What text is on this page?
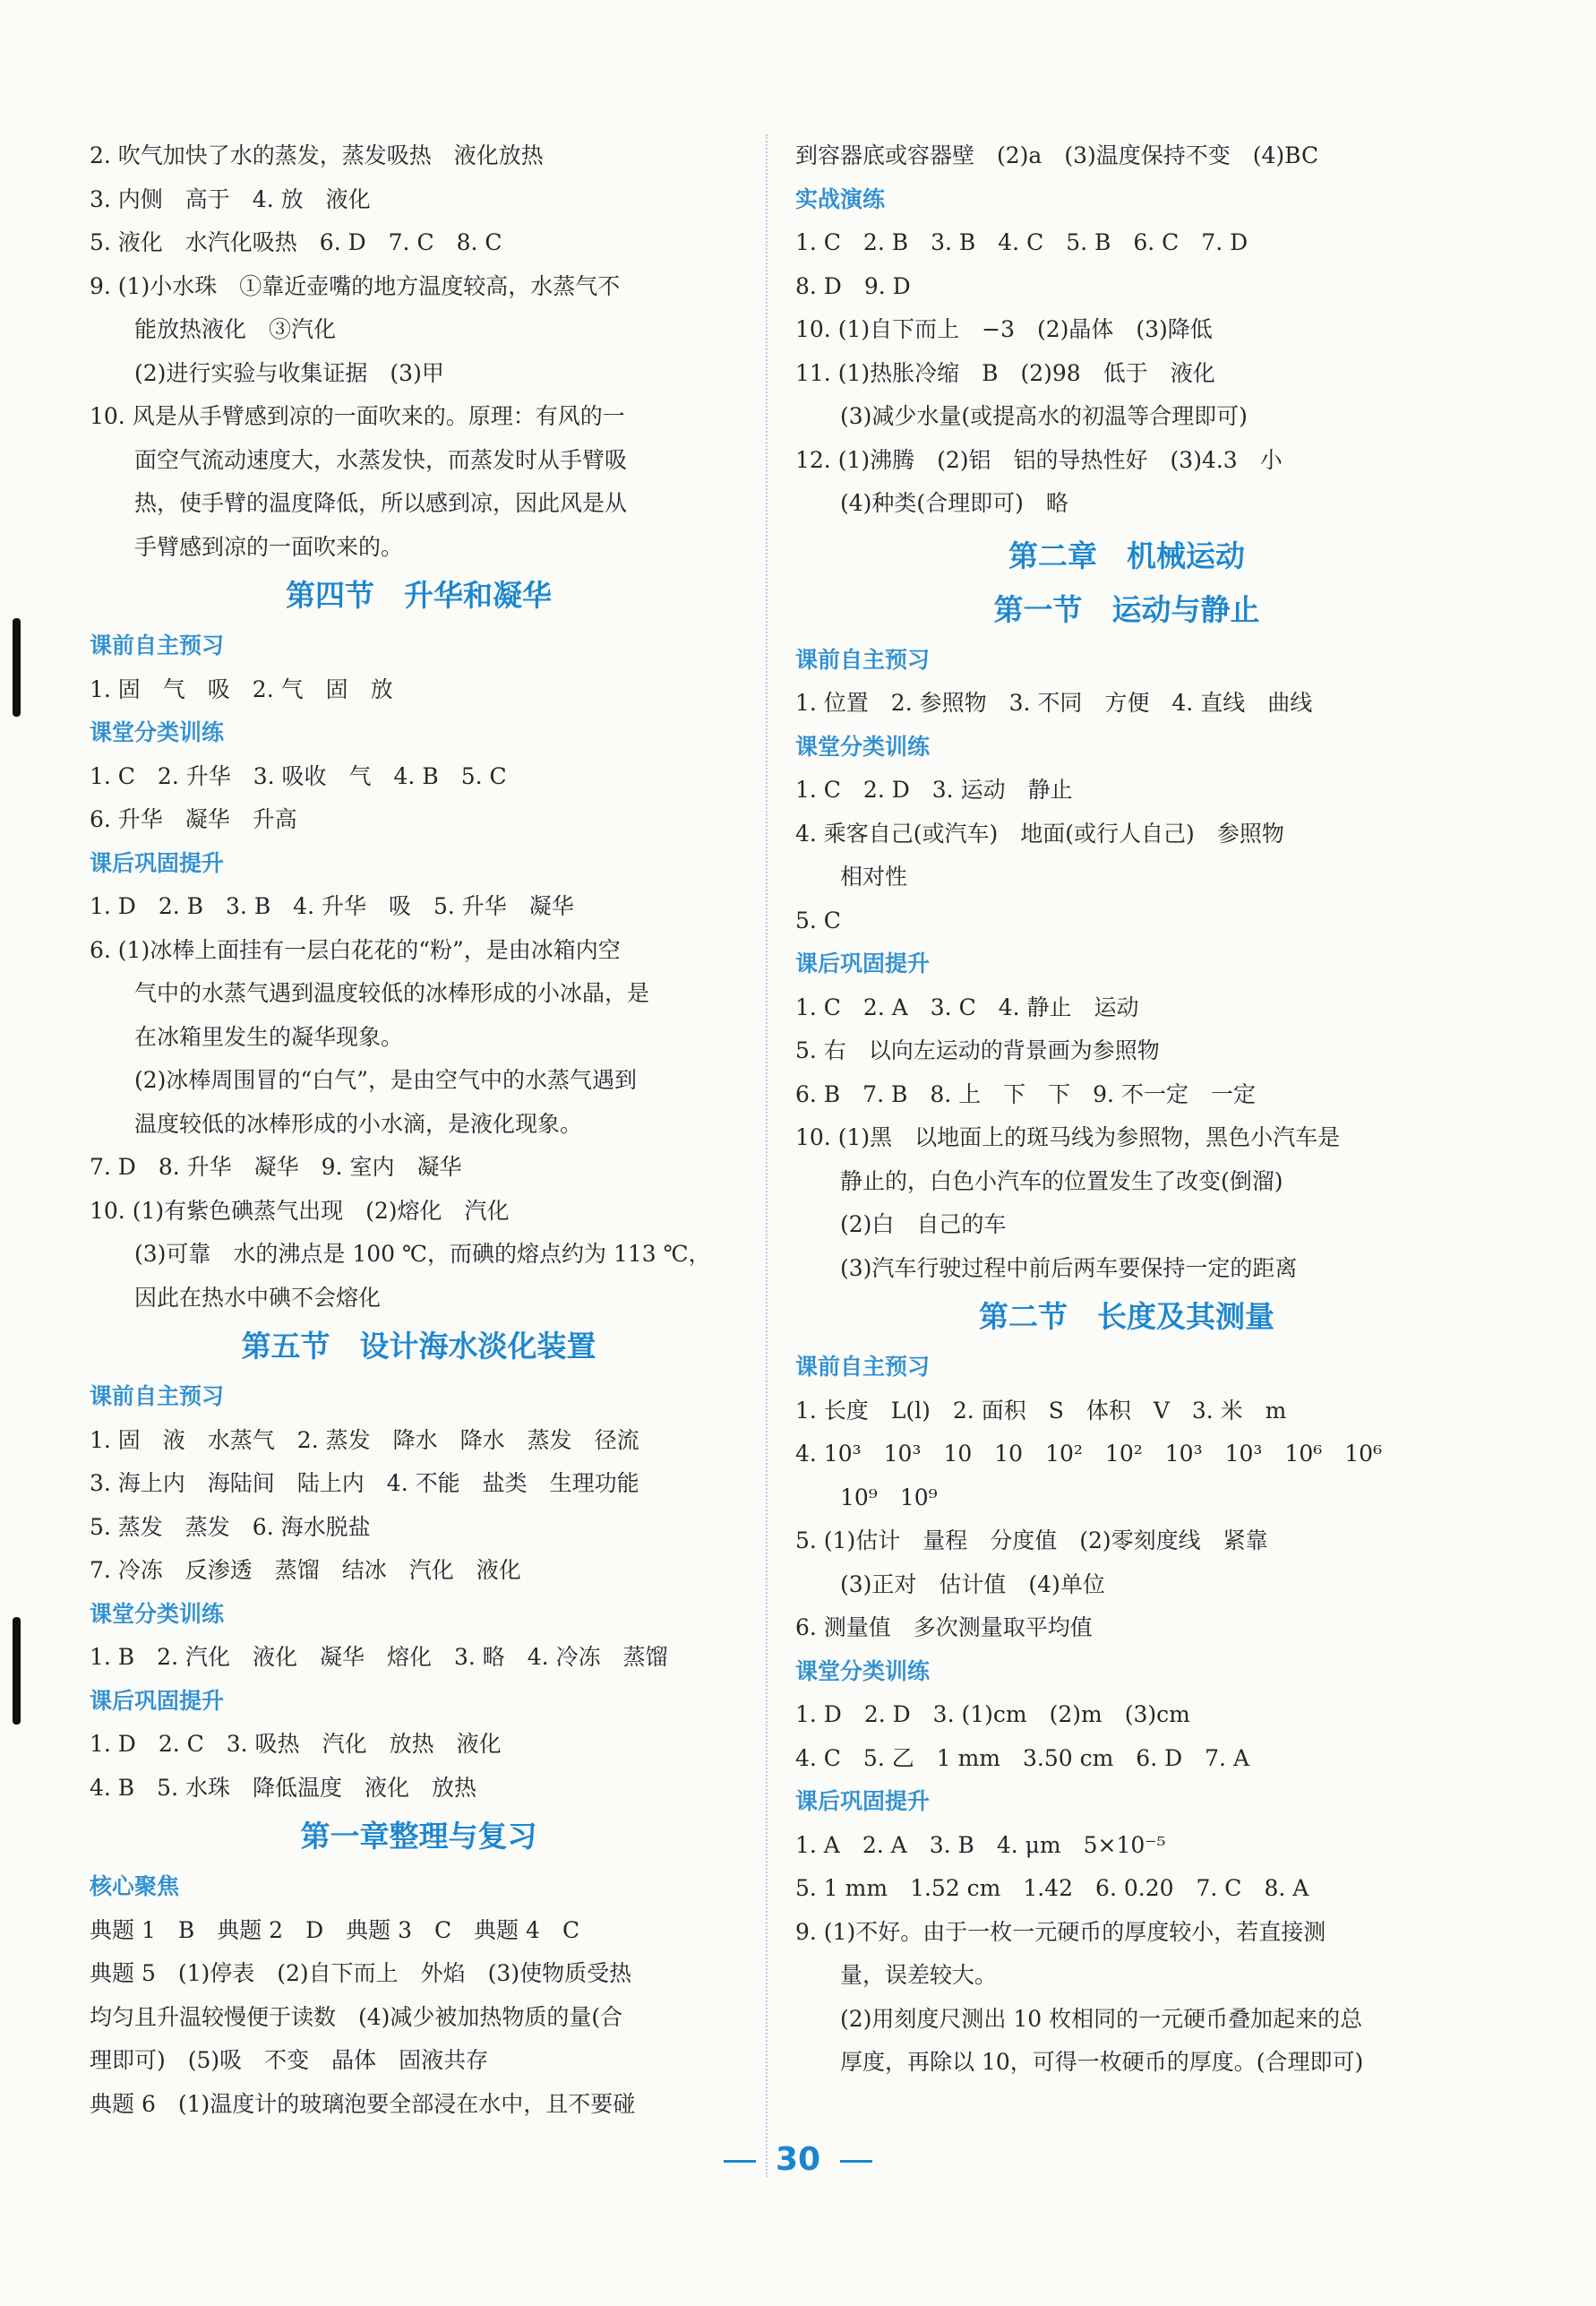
2. 吹气加快了水的蒸发，蒸发吸热　液化放热
3. 内侧　高于　4. 放　液化
5. 液化　水汽化吸热　6. D　7. C　8. C
9. (1)小水珠　①靠近壶嘴的地方温度较高，水蒸气不
能放热液化　③汽化
(2)进行实验与收集证据　(3)甲
10. 风是从手臂感到凉的一面吹来的。原理：有风的一
面空气流动速度大，水蒸发快，而蒸发时从手臂吸
热，使手臂的温度降低，所以感到凉，因此风是从
手臂感到凉的一面吹来的。
第四节　升华和凝华
课前自主预习
1. 固　气　吸　2. 气　固　放
课堂分类训练
1. C　2. 升华　3. 吸收　气　4. B　5. C
6. 升华　凝华　升高
课后巩固提升
1. D　2. B　3. B　4. 升华　吸　5. 升华　凝华
6. (1)冰棒上面挂有一层白花花的“粉”，是由冰箱内空
气中的水蒸气遇到温度较低的冰棒形成的小冰晶，是
在冰箱里发生的凝华现象。
(2)冰棒周围冒的“白气”，是由空气中的水蒸气遇到
温度较低的冰棒形成的小水滴，是液化现象。
7. D　8. 升华　凝华　9. 室内　凝华
10. (1)有紫色碘蒸气出现　(2)熔化　汽化
(3)可靠　水的沸点是 100 ℃，而碘的熔点约为 113 ℃，
因此在热水中碘不会熔化
第五节　设计海水淡化装置
课前自主预习
1. 固　液　水蒸气　2. 蒸发　降水　降水　蒸发　径流
3. 海上内　海陆间　陆上内　4. 不能　盐类　生理功能
5. 蒸发　蒸发　6. 海水脱盐
7. 冷冻　反渗透　蒸馏　结冰　汽化　液化
课堂分类训练
1. B　2. 汽化　液化　凝华　熔化　3. 略　4. 冷冻　蒸馏
课后巩固提升
1. D　2. C　3. 吸热　汽化　放热　液化
4. B　5. 水珠　降低温度　液化　放热
第一章整理与复习
核心聚焦
典题 1　B　典题 2　D　典题 3　C　典题 4　C
典题 5　(1)停表　(2)自下而上　外焰　(3)使物质受热
均匀且升温较慢便于读数　(4)减少被加热物质的量(合
理即可)　(5)吸　不变　晶体　固液共存
典题 6　(1)温度计的玻璃泡要全部浸在水中，且不要碰
到容器底或容器壁　(2)a　(3)温度保持不变　(4)BC
实战演练
1. C　2. B　3. B　4. C　5. B　6. C　7. D
8. D　9. D
10. (1)自下而上　−3　(2)晶体　(3)降低
11. (1)热胀冷缩　B　(2)98　低于　液化
(3)减少水量(或提高水的初温等合理即可)
12. (1)沸腾　(2)铝　铝的导热性好　(3)4.3　小
(4)种类(合理即可)　略
第二章　机械运动
第一节　运动与静止
课前自主预习
1. 位置　2. 参照物　3. 不同　方便　4. 直线　曲线
课堂分类训练
1. C　2. D　3. 运动　静止
4. 乘客自己(或汽车)　地面(或行人自己)　参照物
相对性
5. C
课后巩固提升
1. C　2. A　3. C　4. 静止　运动
5. 右　以向左运动的背景画为参照物
6. B　7. B　8. 上　下　下　9. 不一定　一定
10. (1)黑　以地面上的斑马线为参照物，黑色小汽车是
静止的，白色小汽车的位置发生了改变(倒溜)
(2)白　自己的车
(3)汽车行驶过程中前后两车要保持一定的距离
第二节　长度及其测量
课前自主预习
1. 长度　L(l)　2. 面积　S　体积　V　3. 米　m
4. 10³　10³　10　10　10²　10²　10³　10³　10⁶　10⁶
10⁹　10⁹
5. (1)估计　量程　分度值　(2)零刻度线　紧靠
(3)正对　估计值　(4)单位
6. 测量值　多次测量取平均值
课堂分类训练
1. D　2. D　3. (1)cm　(2)m　(3)cm
4. C　5. 乙　1 mm　3.50 cm　6. D　7. A
课后巩固提升
1. A　2. A　3. B　4. μm　5×10⁻⁵
5. 1 mm　1.52 cm　1.42　6. 0.20　7. C　8. A
9. (1)不好。由于一枚一元硬币的厚度较小，若直接测
量，误差较大。
(2)用刻度尺测出 10 枚相同的一元硬币叠加起来的总
厚度，再除以 10，可得一枚硬币的厚度。(合理即可)
30
